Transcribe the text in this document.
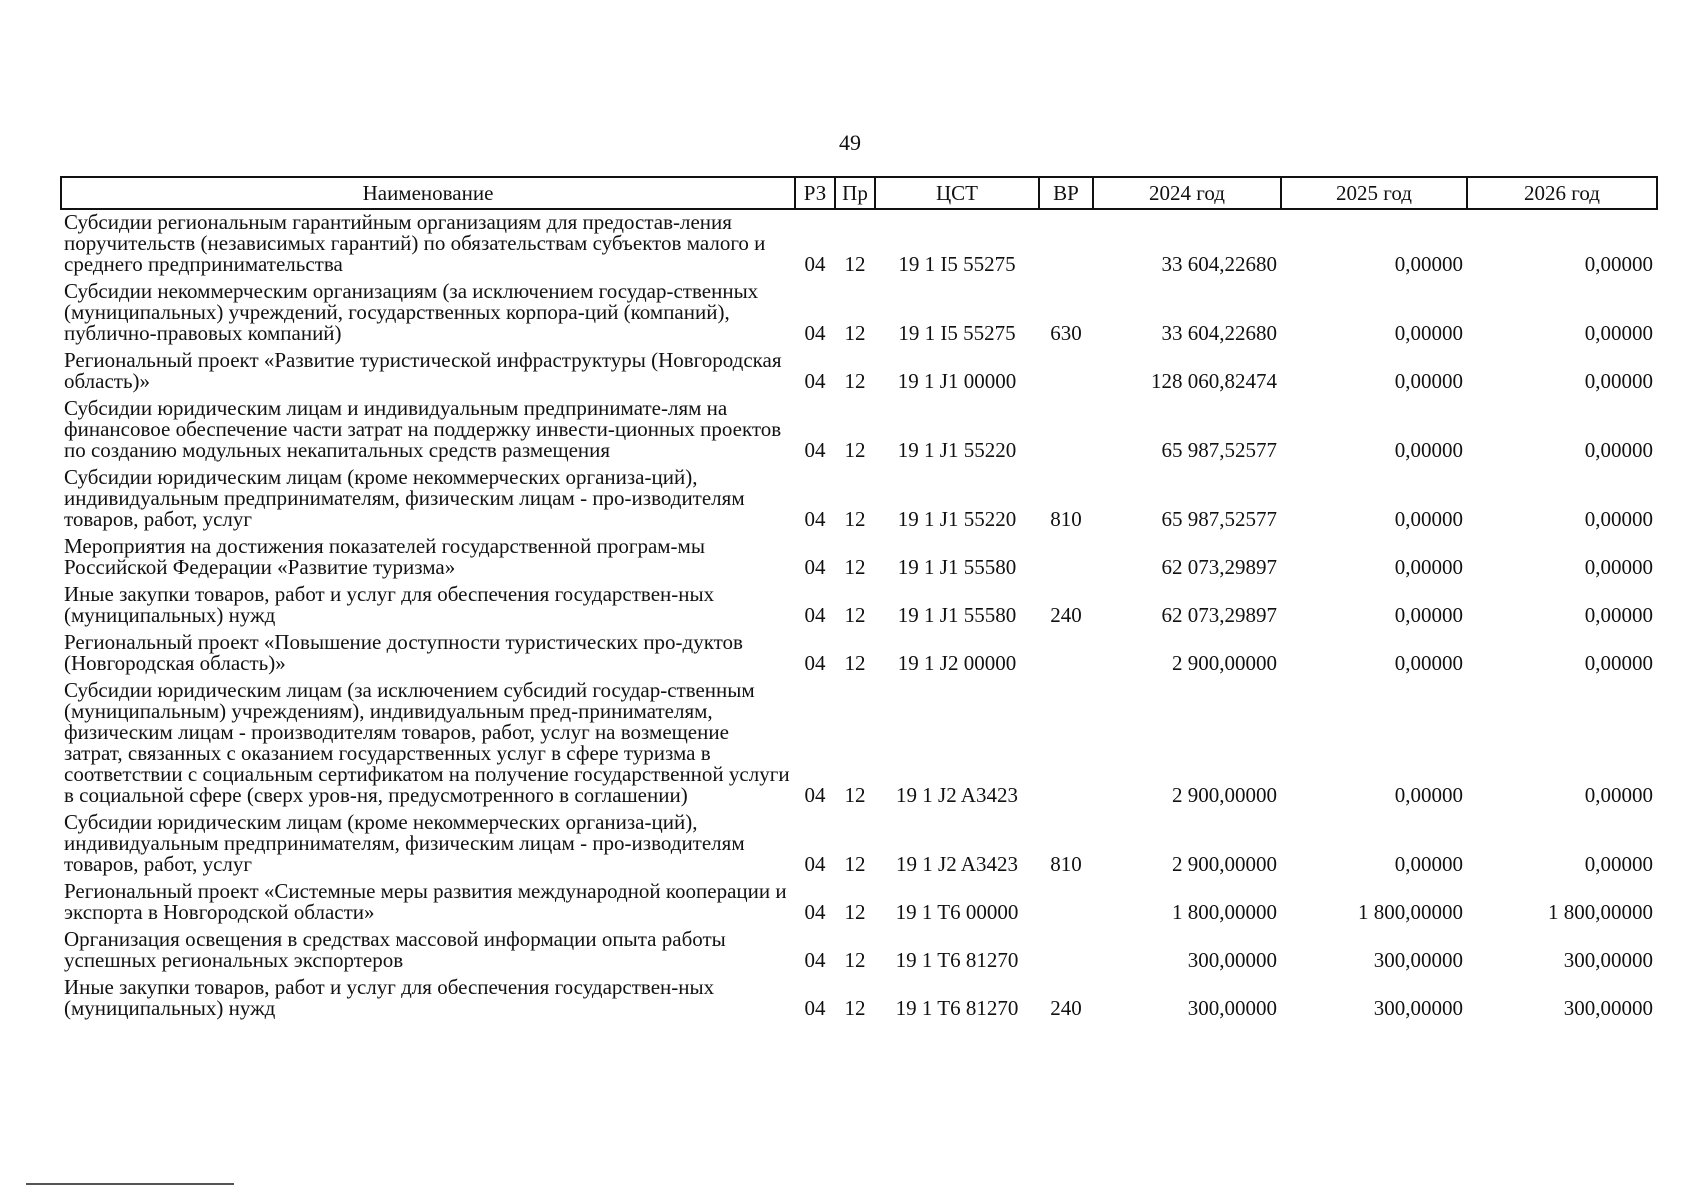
49
Наименование	РЗ	Пр	ЦСТ	ВР	2024 год	2025 год	2026 год
Субсидии региональным гарантийным организациям для предостав-ления поручительств (независимых гарантий) по обязательствам субъектов малого и среднего предпринимательства	04	12	19 1 I5 55275		33 604,22680	0,00000	0,00000
Субсидии некоммерческим организациям (за исключением государ-ственных (муниципальных) учреждений, государственных корпора-ций (компаний), публично-правовых компаний)	04	12	19 1 I5 55275	630	33 604,22680	0,00000	0,00000
Региональный проект «Развитие туристической инфраструктуры (Новгородская область)»	04	12	19 1 J1 00000		128 060,82474	0,00000	0,00000
Субсидии юридическим лицам и индивидуальным предпринимате-лям на финансовое обеспечение части затрат на поддержку инвести-ционных проектов по созданию модульных некапитальных средств размещения	04	12	19 1 J1 55220		65 987,52577	0,00000	0,00000
Субсидии юридическим лицам (кроме некоммерческих организа-ций), индивидуальным предпринимателям, физическим лицам - про-изводителям товаров, работ, услуг	04	12	19 1 J1 55220	810	65 987,52577	0,00000	0,00000
Мероприятия на достижения показателей государственной програм-мы Российской Федерации «Развитие туризма»	04	12	19 1 J1 55580		62 073,29897	0,00000	0,00000
Иные закупки товаров, работ и услуг для обеспечения государствен-ных (муниципальных) нужд	04	12	19 1 J1 55580	240	62 073,29897	0,00000	0,00000
Региональный проект «Повышение доступности туристических про-дуктов (Новгородская область)»	04	12	19 1 J2 00000		2 900,00000	0,00000	0,00000
Субсидии юридическим лицам (за исключением субсидий государ-ственным (муниципальным) учреждениям), индивидуальным пред-принимателям, физическим лицам - производителям товаров, работ, услуг на возмещение затрат, связанных с оказанием государственных услуг в сфере туризма в соответствии с социальным сертификатом на получение государственной услуги в социальной сфере (сверх уров-ня, предусмотренного в соглашении)	04	12	19 1 J2 A3423		2 900,00000	0,00000	0,00000
Субсидии юридическим лицам (кроме некоммерческих организа-ций), индивидуальным предпринимателям, физическим лицам - про-изводителям товаров, работ, услуг	04	12	19 1 J2 A3423	810	2 900,00000	0,00000	0,00000
Региональный проект «Системные меры развития международной кооперации и экспорта в Новгородской области»	04	12	19 1 T6 00000		1 800,00000	1 800,00000	1 800,00000
Организация освещения в средствах массовой информации опыта работы успешных региональных экспортеров	04	12	19 1 T6 81270		300,00000	300,00000	300,00000
Иные закупки товаров, работ и услуг для обеспечения государствен-ных (муниципальных) нужд	04	12	19 1 T6 81270	240	300,00000	300,00000	300,00000
